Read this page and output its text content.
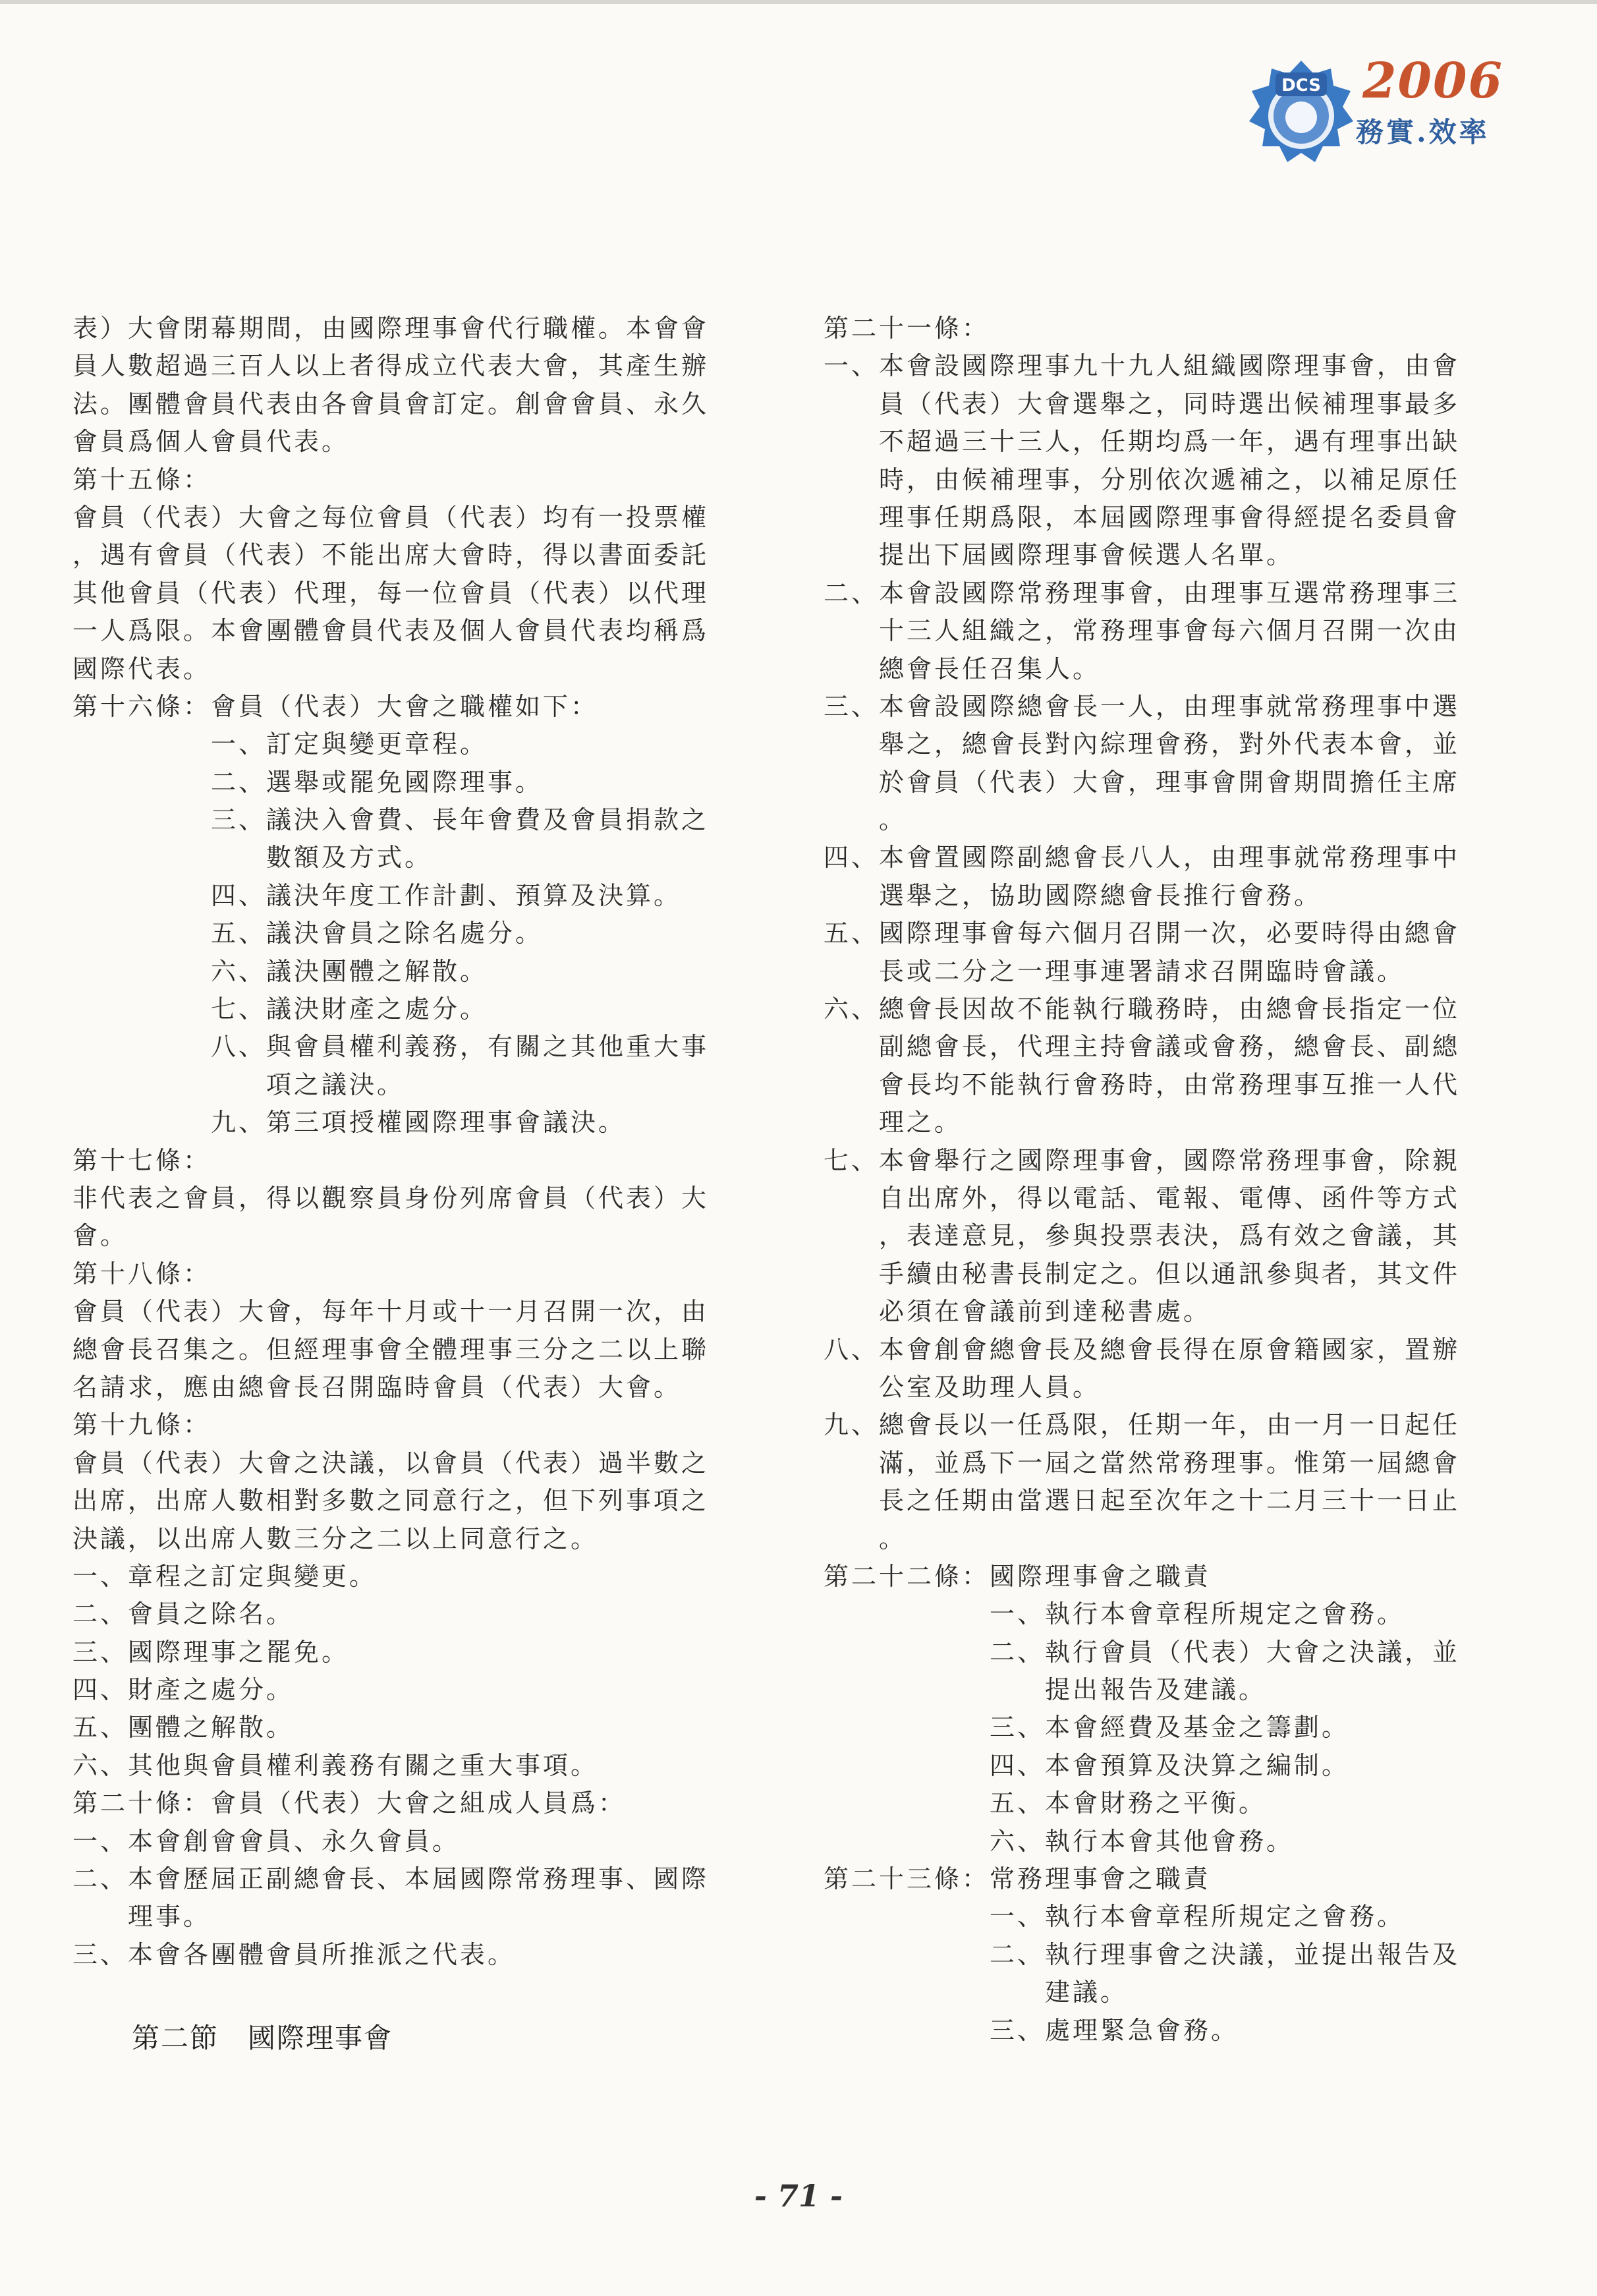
DCS 2006
務實.效率
表）大會閉幕期間，由國際理事會代行職權。本會會
員人數超過三百人以上者得成立代表大會，其產生辦
法。團體會員代表由各會員會訂定。創會會員、永久
會員爲個人會員代表。
第十五條：
會員（代表）大會之每位會員（代表）均有一投票權
，遇有會員（代表）不能出席大會時，得以書面委託
其他會員（代表）代理，每一位會員（代表）以代理
一人爲限。本會團體會員代表及個人會員代表均稱爲
國際代表。
第十六條：會員（代表）大會之職權如下：
一、訂定與變更章程。
二、選舉或罷免國際理事。
三、議決入會費、長年會費及會員捐款之
數額及方式。
四、議決年度工作計劃、預算及決算。
五、議決會員之除名處分。
六、議決團體之解散。
七、議決財產之處分。
八、與會員權利義務，有關之其他重大事
項之議決。
九、第三項授權國際理事會議決。
第十七條：
非代表之會員，得以觀察員身份列席會員（代表）大
會。
第十八條：
會員（代表）大會，每年十月或十一月召開一次，由
總會長召集之。但經理事會全體理事三分之二以上聯
名請求，應由總會長召開臨時會員（代表）大會。
第十九條：
會員（代表）大會之決議，以會員（代表）過半數之
出席，出席人數相對多數之同意行之，但下列事項之
決議，以出席人數三分之二以上同意行之。
一、章程之訂定與變更。
二、會員之除名。
三、國際理事之罷免。
四、財產之處分。
五、團體之解散。
六、其他與會員權利義務有關之重大事項。
第二十條：會員（代表）大會之組成人員爲：
一、本會創會會員、永久會員。
二、本會歷屆正副總會長、本屆國際常務理事、國際
理事。
三、本會各團體會員所推派之代表。
第二十一條：
一、本會設國際理事九十九人組織國際理事會，由會
員（代表）大會選舉之，同時選出候補理事最多
不超過三十三人，任期均爲一年，遇有理事出缺
時，由候補理事，分別依次遞補之，以補足原任
理事任期爲限，本屆國際理事會得經提名委員會
提出下屆國際理事會候選人名單。
二、本會設國際常務理事會，由理事互選常務理事三
十三人組織之，常務理事會每六個月召開一次由
總會長任召集人。
三、本會設國際總會長一人，由理事就常務理事中選
舉之，總會長對內綜理會務，對外代表本會，並
於會員（代表）大會，理事會開會期間擔任主席
。
四、本會置國際副總會長八人，由理事就常務理事中
選舉之，協助國際總會長推行會務。
五、國際理事會每六個月召開一次，必要時得由總會
長或二分之一理事連署請求召開臨時會議。
六、總會長因故不能執行職務時，由總會長指定一位
副總會長，代理主持會議或會務，總會長、副總
會長均不能執行會務時，由常務理事互推一人代
理之。
七、本會舉行之國際理事會，國際常務理事會，除親
自出席外，得以電話、電報、電傳、函件等方式
，表達意見，參與投票表決，爲有效之會議，其
手續由秘書長制定之。但以通訊參與者，其文件
必須在會議前到達秘書處。
八、本會創會總會長及總會長得在原會籍國家，置辦
公室及助理人員。
九、總會長以一任爲限，任期一年，由一月一日起任
滿，並爲下一屆之當然常務理事。惟第一屆總會
長之任期由當選日起至次年之十二月三十一日止
。
第二十二條：國際理事會之職責
一、執行本會章程所規定之會務。
二、執行會員（代表）大會之決議，並
提出報告及建議。
三、本會經費及基金之籌劃。
四、本會預算及決算之編制。
五、本會財務之平衡。
六、執行本會其他會務。
第二十三條：常務理事會之職責
一、執行本會章程所規定之會務。
二、執行理事會之決議，並提出報告及
建議。
三、處理緊急會務。
第二節　國際理事會
- 71 -
